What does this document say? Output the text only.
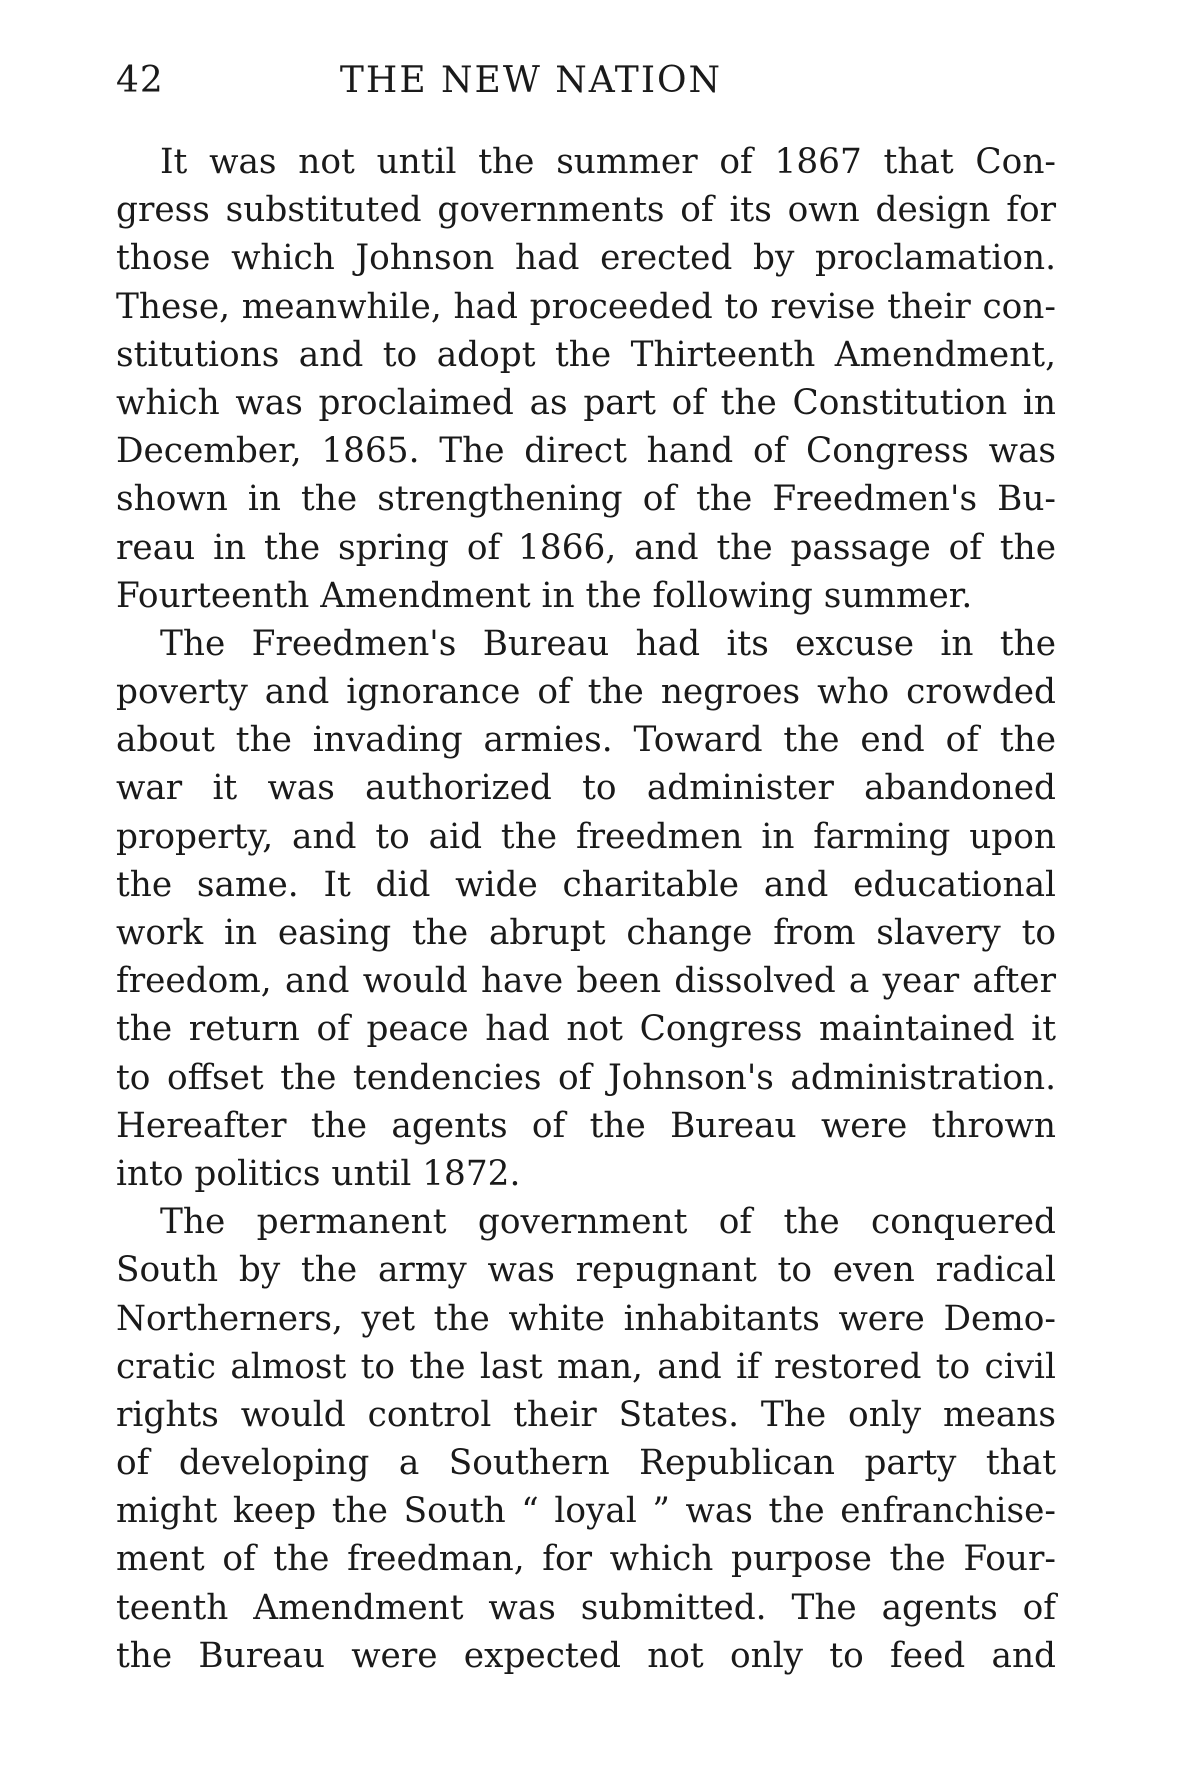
42	THE NEW NATION
It was not until the summer of 1867 that Con-
gress substituted governments of its own design for
those which Johnson had erected by proclamation.
These, meanwhile, had proceeded to revise their con-
stitutions and to adopt the Thirteenth Amendment,
which was proclaimed as part of the Constitution in
December, 1865. The direct hand of Congress was
shown in the strengthening of the Freedmen's Bu-
reau in the spring of 1866, and the passage of the
Fourteenth Amendment in the following summer.
The Freedmen's Bureau had its excuse in the
poverty and ignorance of the negroes who crowded
about the invading armies. Toward the end of the
war it was authorized to administer abandoned
property, and to aid the freedmen in farming upon
the same. It did wide charitable and educational
work in easing the abrupt change from slavery to
freedom, and would have been dissolved a year after
the return of peace had not Congress maintained it
to offset the tendencies of Johnson's administration.
Hereafter the agents of the Bureau were thrown
into politics until 1872.
The permanent government of the conquered
South by the army was repugnant to even radical
Northerners, yet the white inhabitants were Demo-
cratic almost to the last man, and if restored to civil
rights would control their States. The only means
of developing a Southern Republican party that
might keep the South “ loyal ” was the enfranchise-
ment of the freedman, for which purpose the Four-
teenth Amendment was submitted. The agents of
the Bureau were expected not only to feed and
